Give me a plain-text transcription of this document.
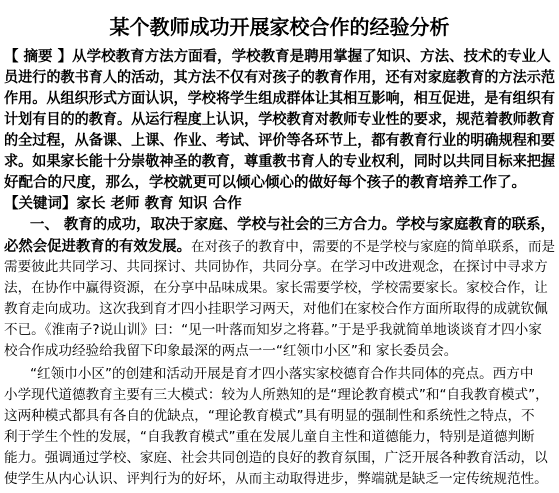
某个教师成功开展家校合作的经验分析
【 摘要 】从学校教育方法方面看，学校教育是聘用掌握了知识、方法、技术的专业人
员进行的教书育人的活动，其方法不仅有对孩子的教育作用，还有对家庭教育的方法示范
作用。从组织形式方面认识，学校将学生组成群体让其相互影响，相互促进，是有组织有
计划有目的的教育。从运行程度上认识，学校教育对教师专业性的要求，规范着教师教育
的全过程，从备课、上课、作业、考试、评价等各环节上，都有教育行业的明确规程和要
求。如果家长能十分崇敬神圣的教育，尊重教书育人的专业权利，同时以共同目标来把握
好配合的尺度，那么，学校就更可以倾心倾心的做好每个孩子的教育培养工作了。
【关键词】家长 老师 教育 知识 合作
一、 教育的成功，取决于家庭、学校与社会的三方合力。学校与家庭教育的联系，
必然会促进教育的有效发展。在对孩子的教育中，需要的不是学校与家庭的简单联系，而是
需要彼此共同学习、共同探讨、共同协作，共同分享。在学习中改进观念，在探讨中寻求方
法，在协作中赢得资源，在分享中品味成果。家长需要学校，学校需要家长。家校合作，让
教育走向成功。这次我到育才四小挂职学习两天，对他们在家校合作方面所取得的成就钦佩
不已。《淮南子?说山训》曰：“见一叶落而知岁之将暮。”于是乎我就简单地谈谈育才四小家
校合作成功经验给我留下印象最深的两点一一“红领巾小区”和 家长委员会。
“红领巾小区”的创建和活动开展是育才四小落实家校德育合作共同体的亮点。西方中
小学现代道德教育主要有三大模式：较为人所熟知的是“理论教育模式”和“自我教育模式”，
这两种模式都具有各自的优缺点，“理论教育模式”具有明显的强制性和系统性之特点，不
利于学生个性的发展，“自我教育模式”重在发展儿童自主性和道德能力，特别是道德判断
能力。强调通过学校、家庭、社会共同创造的良好的教育氛围，广泛开展各种教育活动，以
使学生从内心认识、评判行为的好坏，从而主动取得进步，弊端就是缺乏一定传统规范性。
